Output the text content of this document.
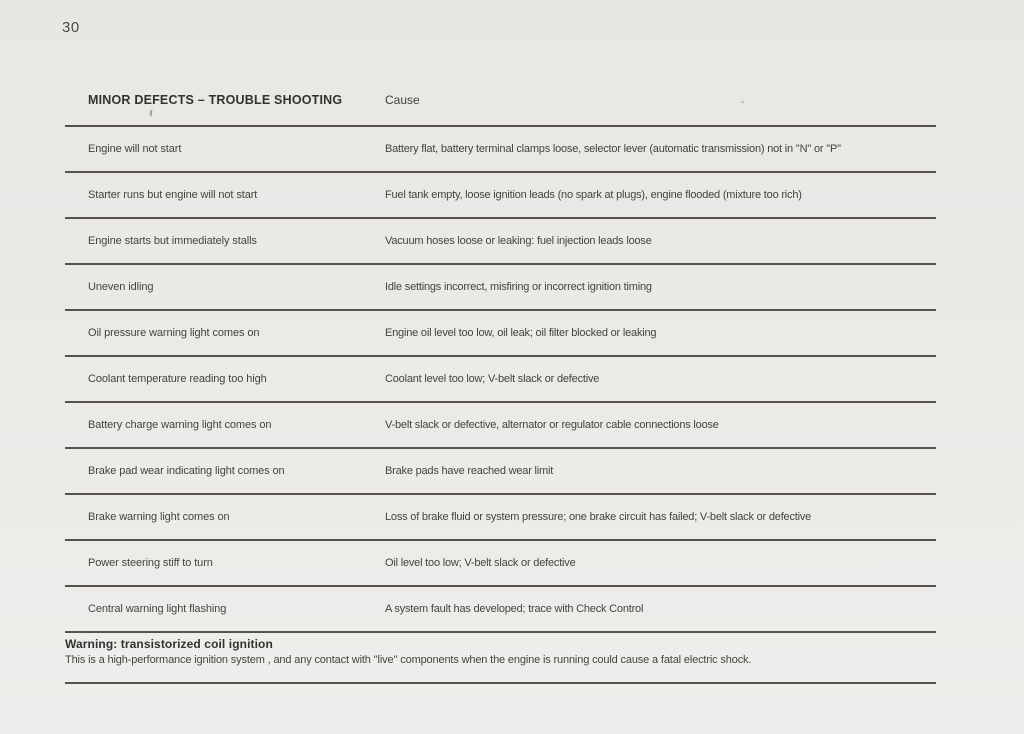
30
MINOR DEFECTS – TROUBLE SHOOTING	Cause
Engine will not start	Battery flat, battery terminal clamps loose, selector lever (automatic transmission) not in ''N'' or ''P''
Starter runs but engine will not start	Fuel tank empty, loose ignition leads (no spark at plugs), engine flooded (mixture too rich)
Engine starts but immediately stalls	Vacuum hoses loose or leaking: fuel injection leads loose
Uneven idling	Idle settings incorrect, misfiring or incorrect ignition timing
Oil pressure warning light comes on	Engine oil level too low, oil leak; oil filter blocked or leaking
Coolant temperature reading too high	Coolant level too low; V-belt slack or defective
Battery charge warning light comes on	V-belt slack or defective, alternator or regulator cable connections loose
Brake pad wear indicating light comes on	Brake pads have reached wear limit
Brake warning light comes on	Loss of brake fluid or system pressure; one brake circuit has failed; V-belt slack or defective
Power steering stiff to turn	Oil level too low; V-belt slack or defective
Central warning light flashing	A system fault has developed; trace with Check Control
Warning: transistorized coil ignition
This is a high-performance ignition system , and any contact with ''live'' components when the engine is running could cause a fatal electric shock.
